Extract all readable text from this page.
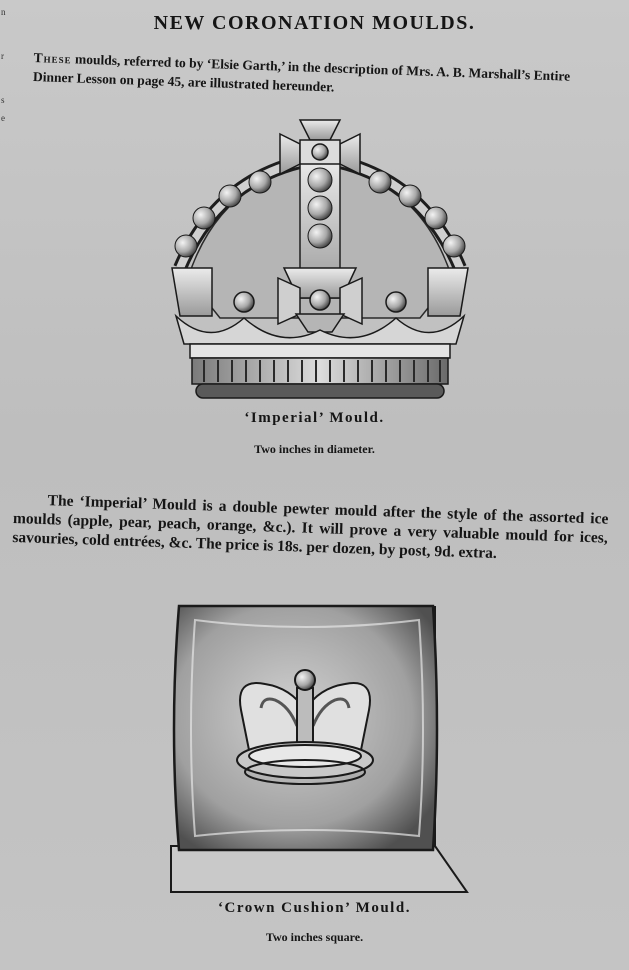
n
r
s
e
NEW CORONATION MOULDS.
These moulds, referred to by ‘Elsie Garth,’ in the description of Mrs. A. B. Marshall’s Entire Dinner Lesson on page 45, are illustrated hereunder.
‘Imperial’ Mould.
Two inches in diameter.
The ‘Imperial’ Mould is a double pewter mould after the style of the assorted ice moulds (apple, pear, peach, orange, &c.). It will prove a very valuable mould for ices, savouries, cold entrées, &c. The price is 18s. per dozen, by post, 9d. extra.
‘Crown Cushion’ Mould.
Two inches square.
